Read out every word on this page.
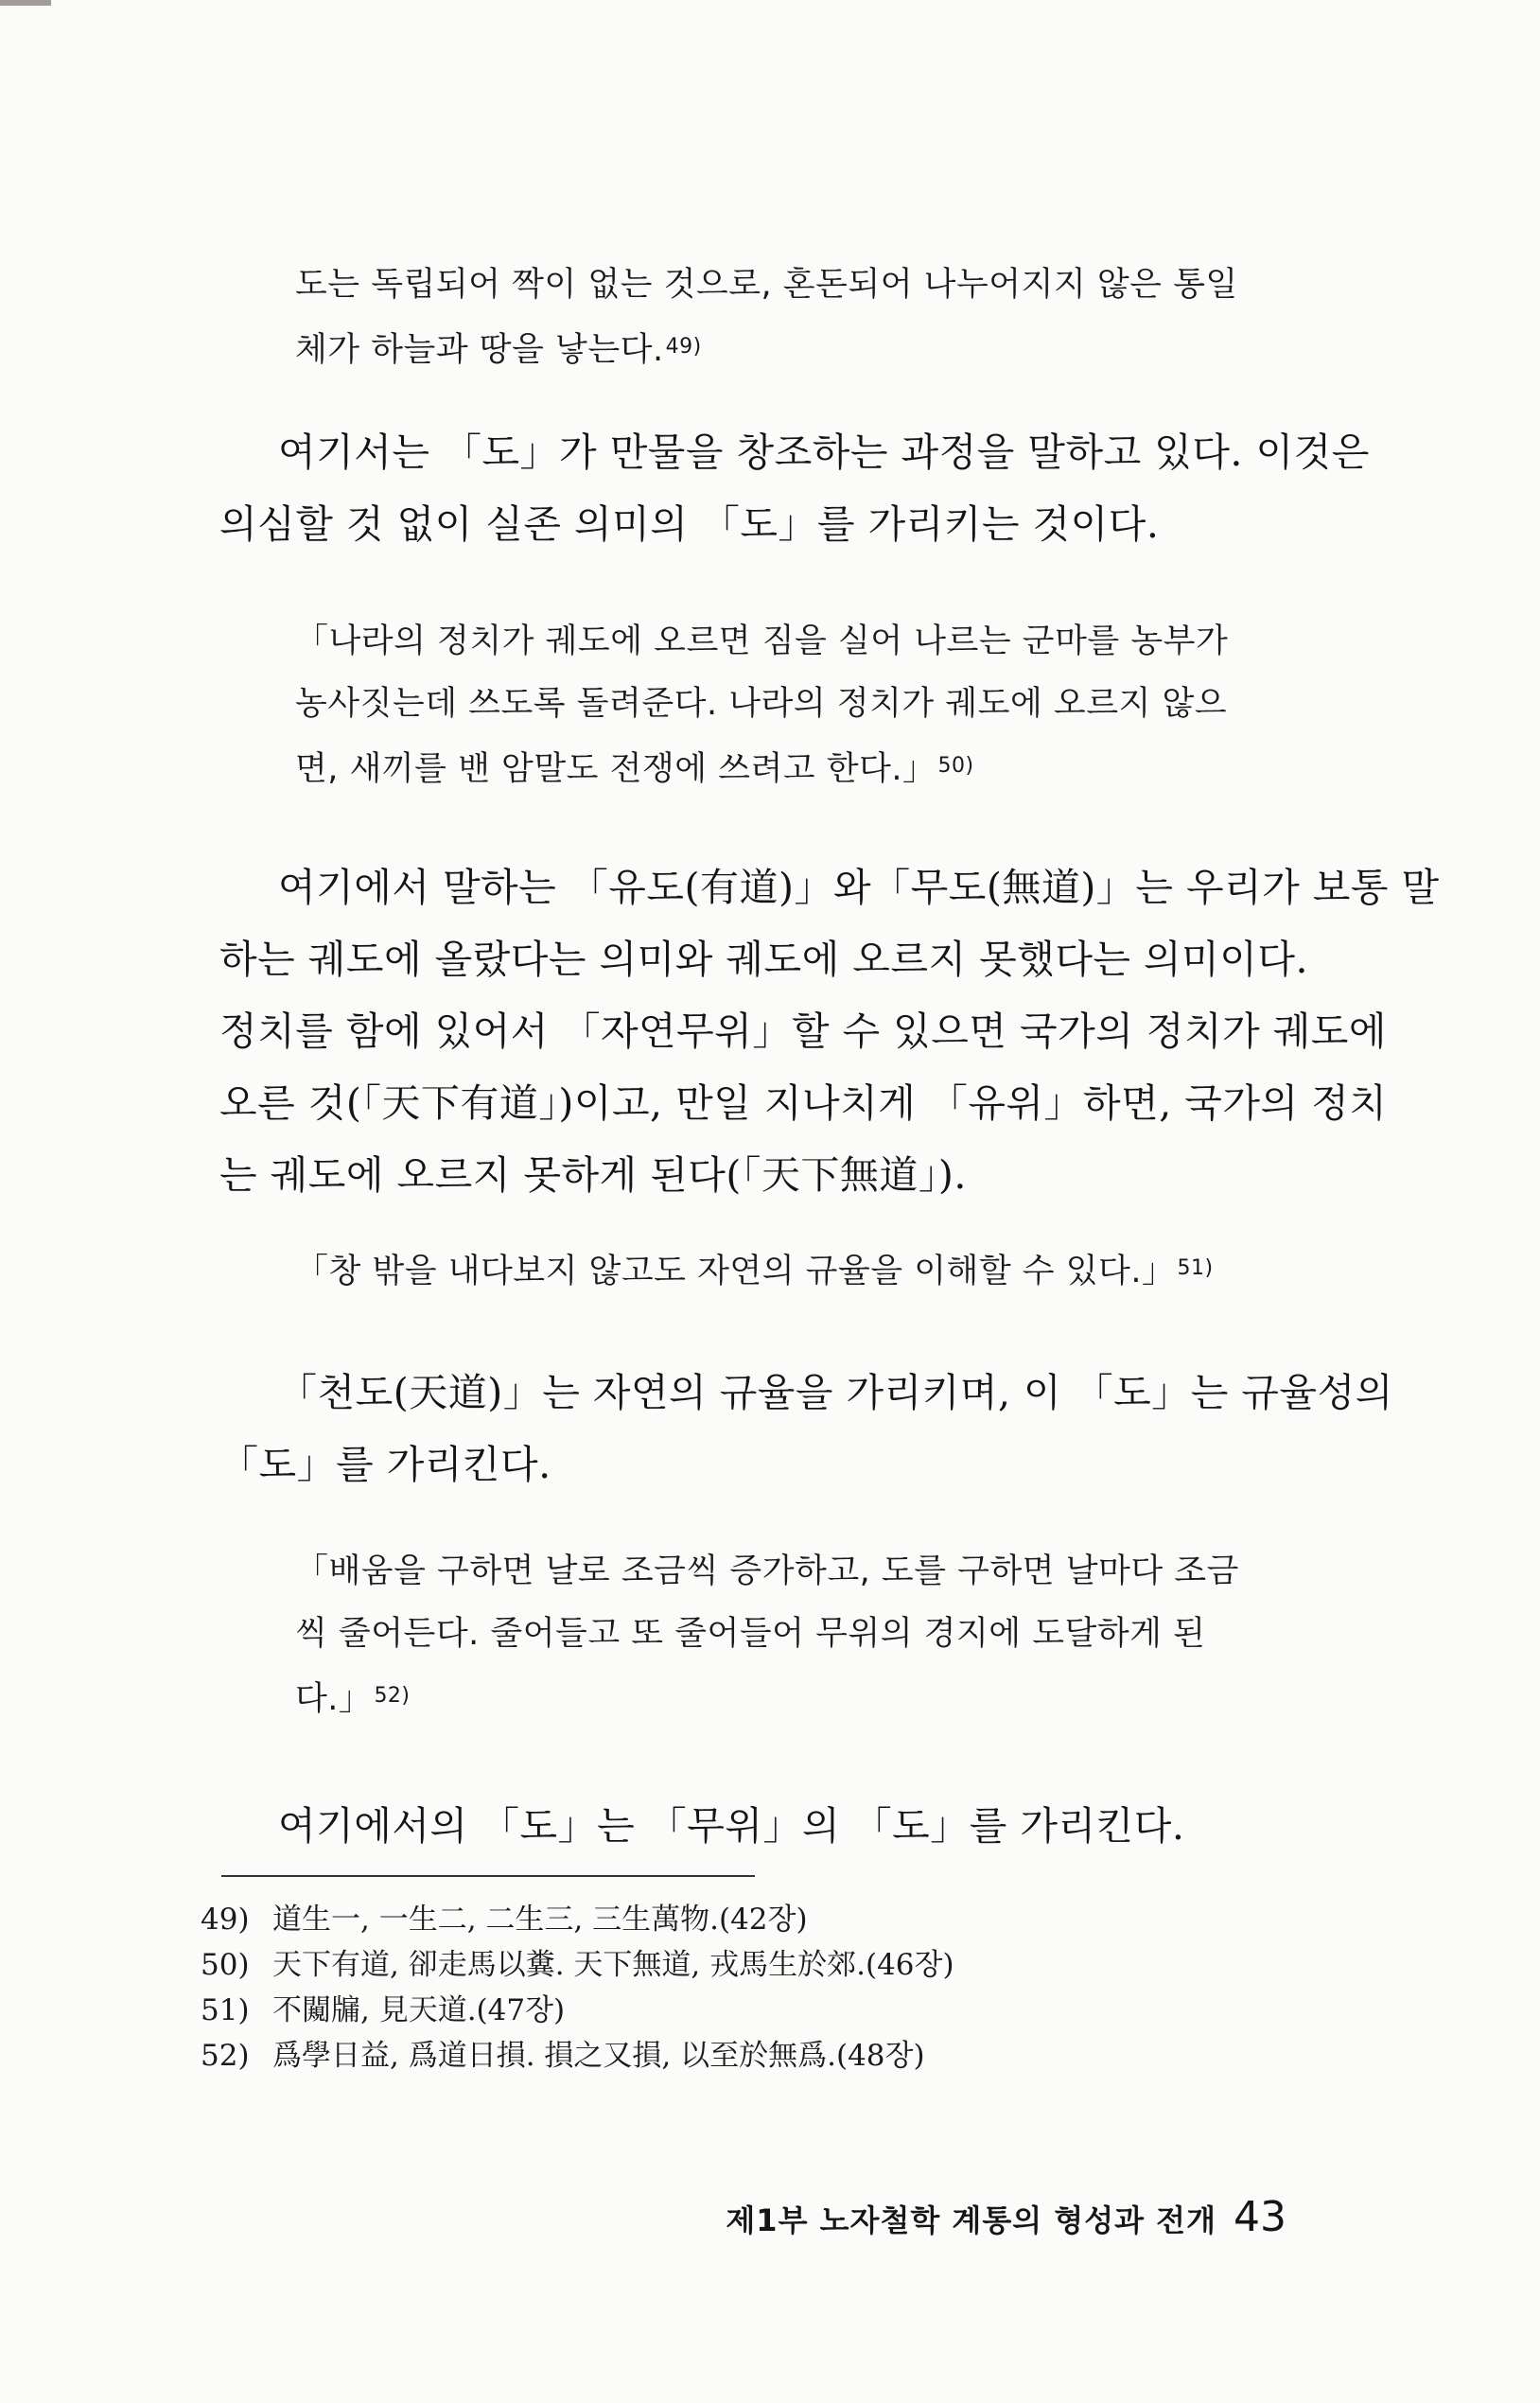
도는 독립되어 짝이 없는 것으로, 혼돈되어 나누어지지 않은 통일
체가 하늘과 땅을 낳는다.$^{49)}$
여기서는 「도」가 만물을 창조하는 과정을 말하고 있다. 이것은
의심할 것 없이 실존 의미의 「도」를 가리키는 것이다.
「나라의 정치가 궤도에 오르면 짐을 실어 나르는 군마를 농부가
농사짓는데 쓰도록 돌려준다. 나라의 정치가 궤도에 오르지 않으
면, 새끼를 밴 암말도 전쟁에 쓰려고 한다.」$^{50)}$
여기에서 말하는 「유도(有道)」와「무도(無道)」는 우리가 보통 말
하는 궤도에 올랐다는 의미와 궤도에 오르지 못했다는 의미이다.
정치를 함에 있어서 「자연무위」할 수 있으면 국가의 정치가 궤도에
오른 것(「天下有道」)이고, 만일 지나치게 「유위」하면, 국가의 정치
는 궤도에 오르지 못하게 된다(「天下無道」).
「창 밖을 내다보지 않고도 자연의 규율을 이해할 수 있다.」$^{51)}$
「천도(天道)」는 자연의 규율을 가리키며, 이 「도」는 규율성의
「도」를 가리킨다.
「배움을 구하면 날로 조금씩 증가하고, 도를 구하면 날마다 조금
씩 줄어든다. 줄어들고 또 줄어들어 무위의 경지에 도달하게 된
다.」$^{52)}$
여기에서의 「도」는 「무위」의 「도」를 가리킨다.
49) 道生一, 一生二, 二生三, 三生萬物.(42장)
50) 天下有道, 卻走馬以糞. 天下無道, 戎馬生於郊.(46장)
51) 不闚牖, 見天道.(47장)
52) 爲學日益, 爲道日損. 損之又損, 以至於無爲.(48장)
제1부 노자철학 계통의 형성과 전개 43
